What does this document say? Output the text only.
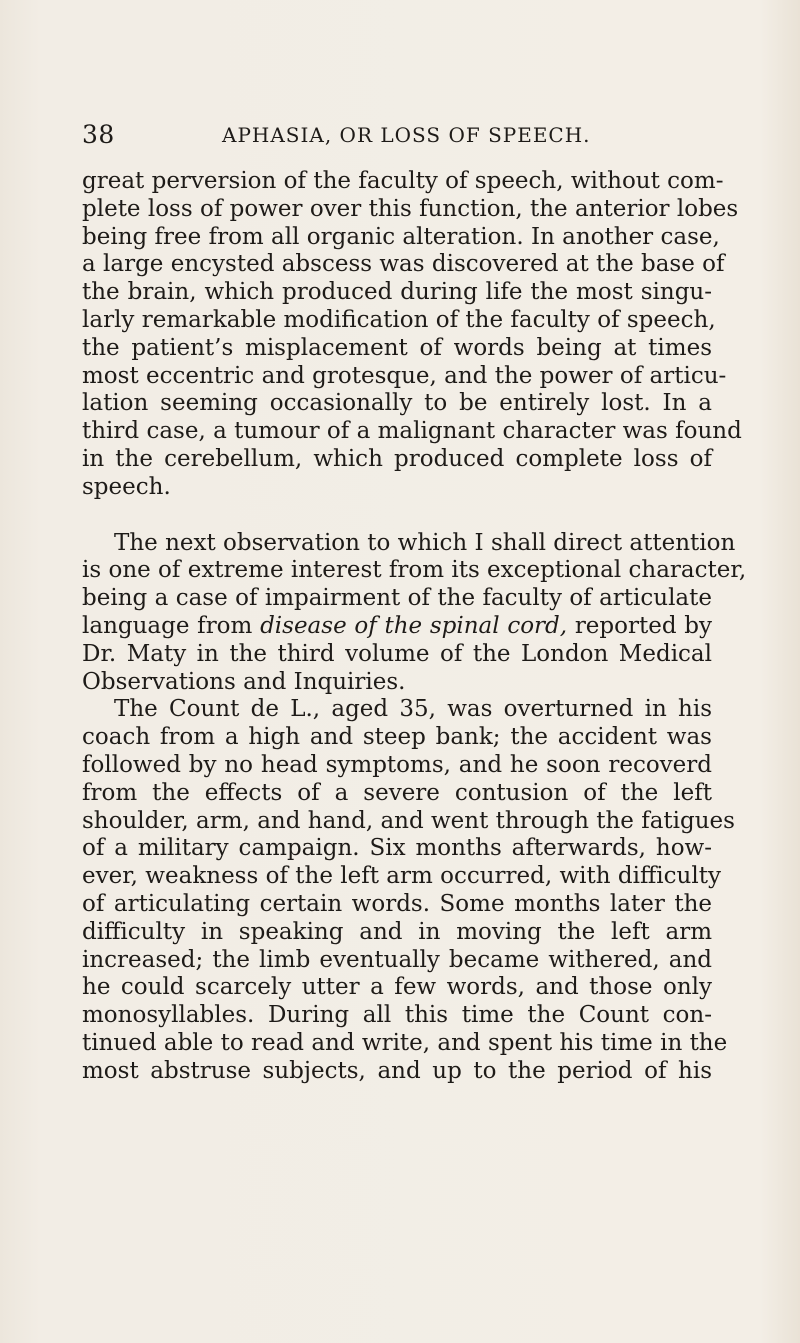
38	APHASIA, OR LOSS OF SPEECH.
great perversion of the faculty of speech, without com-
plete loss of power over this function, the anterior lobes
being free from all organic alteration. In another case,
a large encysted abscess was discovered at the base of
the brain, which produced during life the most singu-
larly remarkable modification of the faculty of speech,
the patient’s misplacement of words being at times
most eccentric and grotesque, and the power of articu-
lation seeming occasionally to be entirely lost. In a
third case, a tumour of a malignant character was found
in the cerebellum, which produced complete loss of
speech.
The next observation to which I shall direct attention
is one of extreme interest from its exceptional character,
being a case of impairment of the faculty of articulate
language from disease of the spinal cord, reported by
Dr. Maty in the third volume of the London Medical
Observations and Inquiries.
The Count de L., aged 35, was overturned in his
coach from a high and steep bank; the accident was
followed by no head symptoms, and he soon recoverd
from the effects of a severe contusion of the left
shoulder, arm, and hand, and went through the fatigues
of a military campaign. Six months afterwards, how-
ever, weakness of the left arm occurred, with difficulty
of articulating certain words. Some months later the
difficulty in speaking and in moving the left arm
increased; the limb eventually became withered, and
he could scarcely utter a few words, and those only
monosyllables. During all this time the Count con-
tinued able to read and write, and spent his time in the
most abstruse subjects, and up to the period of his
